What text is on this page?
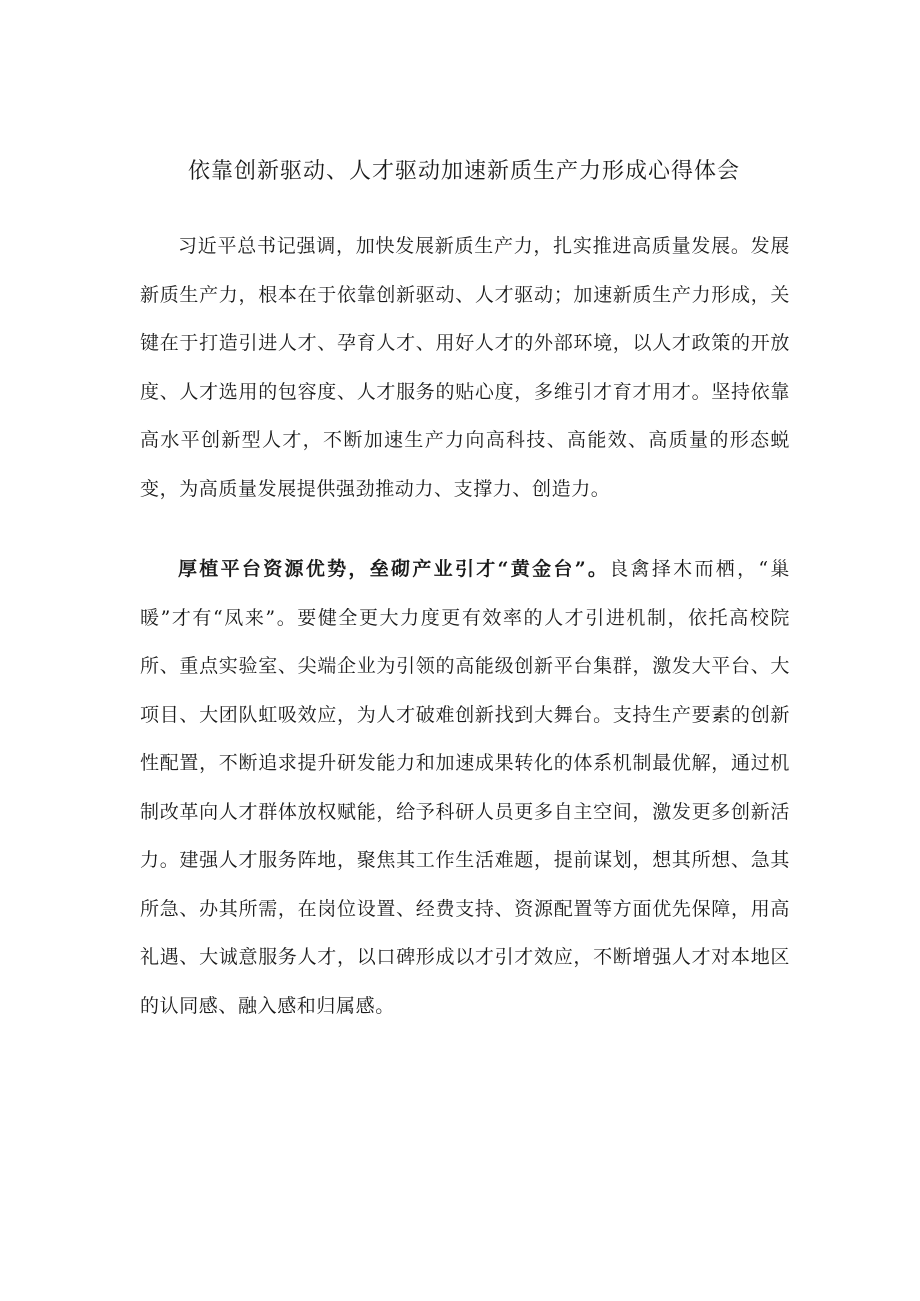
依靠创新驱动、人才驱动加速新质生产力形成心得体会

习近平总书记强调，加快发展新质生产力，扎实推进高质量发展。发展新质生产力，根本在于依靠创新驱动、人才驱动；加速新质生产力形成，关键在于打造引进人才、孕育人才、用好人才的外部环境，以人才政策的开放度、人才选用的包容度、人才服务的贴心度，多维引才育才用才。坚持依靠高水平创新型人才，不断加速生产力向高科技、高能效、高质量的形态蜕变，为高质量发展提供强劲推动力、支撑力、创造力。

厚植平台资源优势，垒砌产业引才“黄金台”。良禽择木而栖，“巢暖”才有“凤来”。要健全更大力度更有效率的人才引进机制，依托高校院所、重点实验室、尖端企业为引领的高能级创新平台集群，激发大平台、大项目、大团队虹吸效应，为人才破难创新找到大舞台。支持生产要素的创新性配置，不断追求提升研发能力和加速成果转化的体系机制最优解，通过机制改革向人才群体放权赋能，给予科研人员更多自主空间，激发更多创新活力。建强人才服务阵地，聚焦其工作生活难题，提前谋划，想其所想、急其所急、办其所需，在岗位设置、经费支持、资源配置等方面优先保障，用高礼遇、大诚意服务人才，以口碑形成以才引才效应，不断增强人才对本地区的认同感、融入感和归属感。
